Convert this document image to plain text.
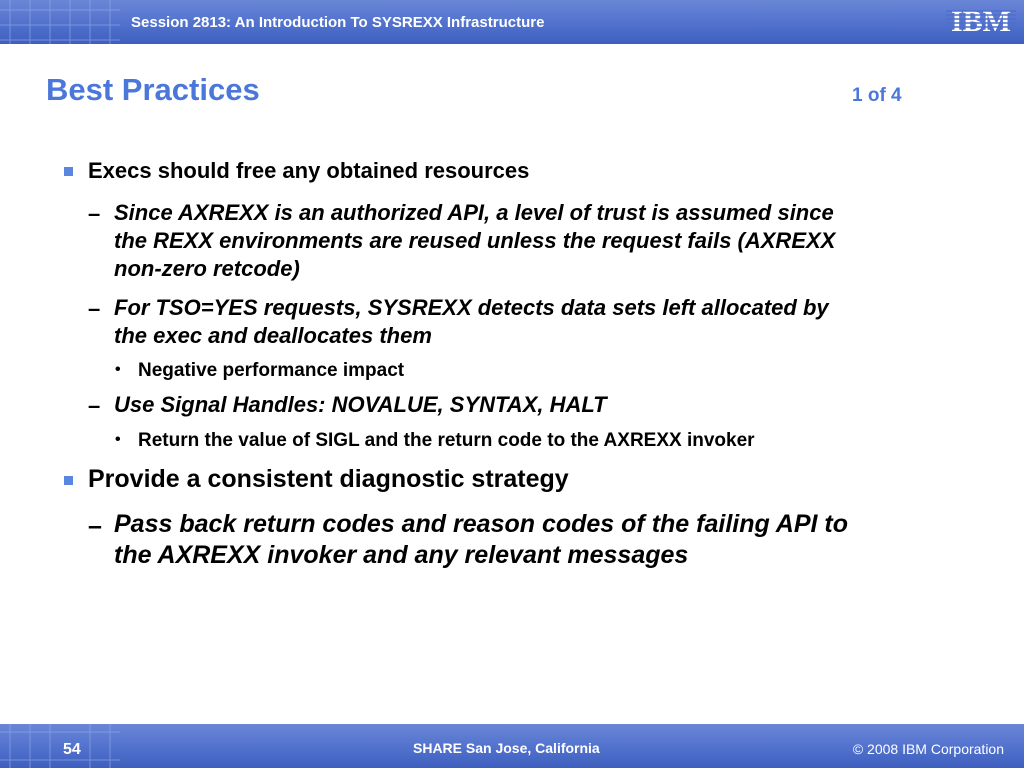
Session 2813: An Introduction To SYSREXX Infrastructure	IBM
Best Practices	1 of 4
Execs should free any obtained resources
– Since AXREXX is an authorized API, a level of trust is assumed since
the REXX environments are reused unless the request fails (AXREXX
non-zero retcode)
– For TSO=YES requests, SYSREXX detects data sets left allocated by
the exec and deallocates them
• Negative performance impact
– Use Signal Handles: NOVALUE, SYNTAX, HALT
• Return the value of SIGL and the return code to the AXREXX invoker
Provide a consistent diagnostic strategy
– Pass back return codes and reason codes of the failing API to
the AXREXX invoker and any relevant messages
54	SHARE San Jose, California	© 2008 IBM Corporation
